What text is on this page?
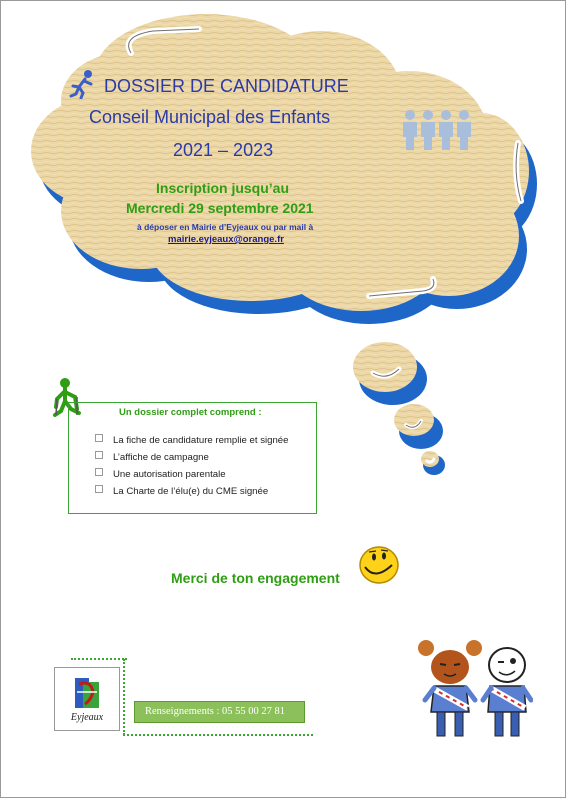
DOSSIER DE CANDIDATURE
Conseil Municipal des Enfants
2021 – 2023
Inscription jusqu’au
Mercredi 29 septembre 2021
à déposer en Mairie d’Eyjeaux ou par mail à
mairie.eyjeaux@orange.fr
Un dossier complet comprend :
La fiche de candidature remplie et signée
L’affiche de campagne
Une autorisation parentale
La Charte de l’élu(e) du CME signée
Merci de ton engagement
Eyjeaux
Renseignements : 05 55 00 27 81
